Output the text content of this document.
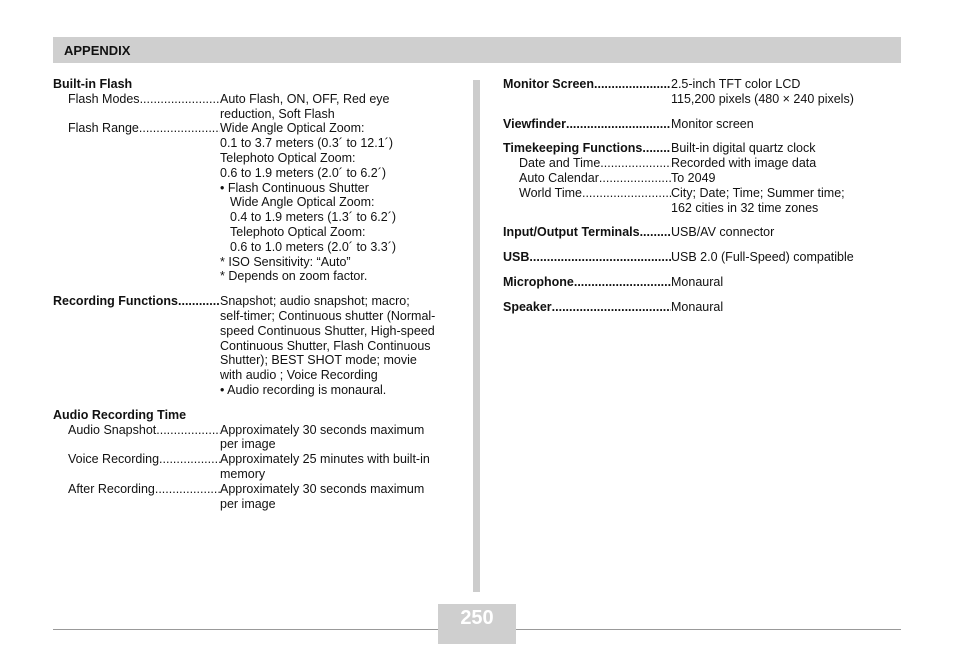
APPENDIX
Built-in Flash
Flash Modes .....	Auto Flash, ON, OFF, Red eye
reduction, Soft Flash
Flash Range .....	Wide Angle Optical Zoom:
0.1 to 3.7 meters (0.3´ to 12.1´)
Telephoto Optical Zoom:
0.6 to 1.9 meters (2.0´ to 6.2´)
• Flash Continuous Shutter
Wide Angle Optical Zoom:
0.4 to 1.9 meters (1.3´ to 6.2´)
Telephoto Optical Zoom:
0.6 to 1.0 meters (2.0´ to 3.3´)
* ISO Sensitivity: “Auto”
* Depends on zoom factor.
Recording Functions .....	Snapshot; audio snapshot; macro;
self-timer; Continuous shutter (Normal-
speed Continuous Shutter, High-speed
Continuous Shutter, Flash Continuous
Shutter); BEST SHOT mode; movie
with audio ; Voice Recording
• Audio recording is monaural.
Audio Recording Time
Audio Snapshot .....	Approximately 30 seconds maximum
per image
Voice Recording .....	Approximately 25 minutes with built-in
memory
After Recording .....	Approximately 30 seconds maximum
per image
Monitor Screen .....	2.5-inch TFT color LCD
115,200 pixels (480 × 240 pixels)
Viewfinder .....	Monitor screen
Timekeeping Functions ..... Built-in digital quartz clock
Date and Time .....	Recorded with image data
Auto Calendar .....	To 2049
World Time .....	City; Date; Time; Summer time;
162 cities in 32 time zones
Input/Output Terminals .....	USB/AV connector
USB .....	USB 2.0 (Full-Speed) compatible
Microphone .....	Monaural
Speaker .....	Monaural
250
